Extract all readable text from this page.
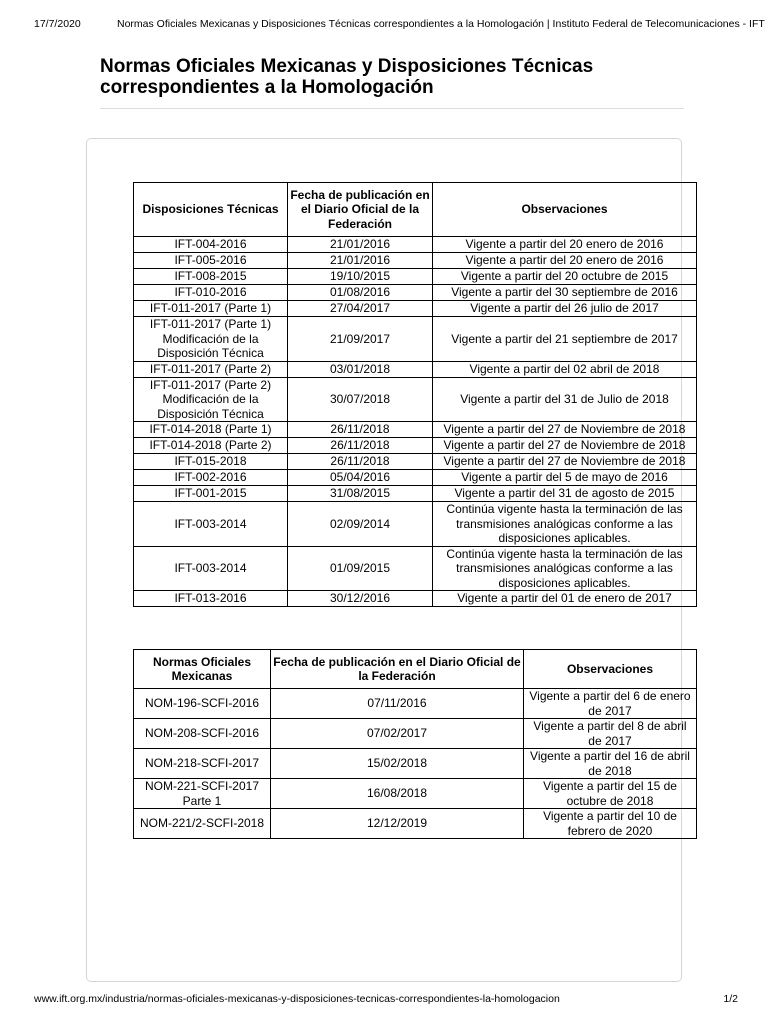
17/7/2020	Normas Oficiales Mexicanas y Disposiciones Técnicas correspondientes a la Homologación | Instituto Federal de Telecomunicaciones - IFT
Normas Oficiales Mexicanas y Disposiciones Técnicas correspondientes a la Homologación
Disposiciones Técnicas	Fecha de publicación en el Diario Oficial de la Federación	Observaciones
IFT-004-2016	21/01/2016	Vigente a partir del 20 enero de 2016
IFT-005-2016	21/01/2016	Vigente a partir del 20 enero de 2016
IFT-008-2015	19/10/2015	Vigente a partir del 20 octubre de 2015
IFT-010-2016	01/08/2016	Vigente a partir del 30 septiembre de 2016
IFT-011-2017 (Parte 1)	27/04/2017	Vigente a partir del 26 julio de 2017
IFT-011-2017 (Parte 1) Modificación de la Disposición Técnica	21/09/2017	Vigente a partir del 21 septiembre de 2017
IFT-011-2017 (Parte 2)	03/01/2018	Vigente a partir del 02 abril de 2018
IFT-011-2017 (Parte 2) Modificación de la Disposición Técnica	30/07/2018	Vigente a partir del 31 de Julio de 2018
IFT-014-2018 (Parte 1)	26/11/2018	Vigente a partir del 27 de Noviembre de 2018
IFT-014-2018 (Parte 2)	26/11/2018	Vigente a partir del 27 de Noviembre de 2018
IFT-015-2018	26/11/2018	Vigente a partir del 27 de Noviembre de 2018
IFT-002-2016	05/04/2016	Vigente a partir del 5 de mayo de 2016
IFT-001-2015	31/08/2015	Vigente a partir del 31 de agosto de 2015
IFT-003-2014	02/09/2014	Continúa vigente hasta la terminación de las transmisiones analógicas conforme a las disposiciones aplicables.
IFT-003-2014	01/09/2015	Continúa vigente hasta la terminación de las transmisiones analógicas conforme a las disposiciones aplicables.
IFT-013-2016	30/12/2016	Vigente a partir del 01 de enero de 2017
Normas Oficiales Mexicanas	Fecha de publicación en el Diario Oficial de la Federación	Observaciones
NOM-196-SCFI-2016	07/11/2016	Vigente a partir del 6 de enero de 2017
NOM-208-SCFI-2016	07/02/2017	Vigente a partir del 8 de abril de 2017
NOM-218-SCFI-2017	15/02/2018	Vigente a partir del 16 de abril de 2018
NOM-221-SCFI-2017 Parte 1	16/08/2018	Vigente a partir del 15 de octubre de 2018
NOM-221/2-SCFI-2018	12/12/2019	Vigente a partir del 10 de febrero de 2020
www.ift.org.mx/industria/normas-oficiales-mexicanas-y-disposiciones-tecnicas-correspondientes-la-homologacion	1/2
